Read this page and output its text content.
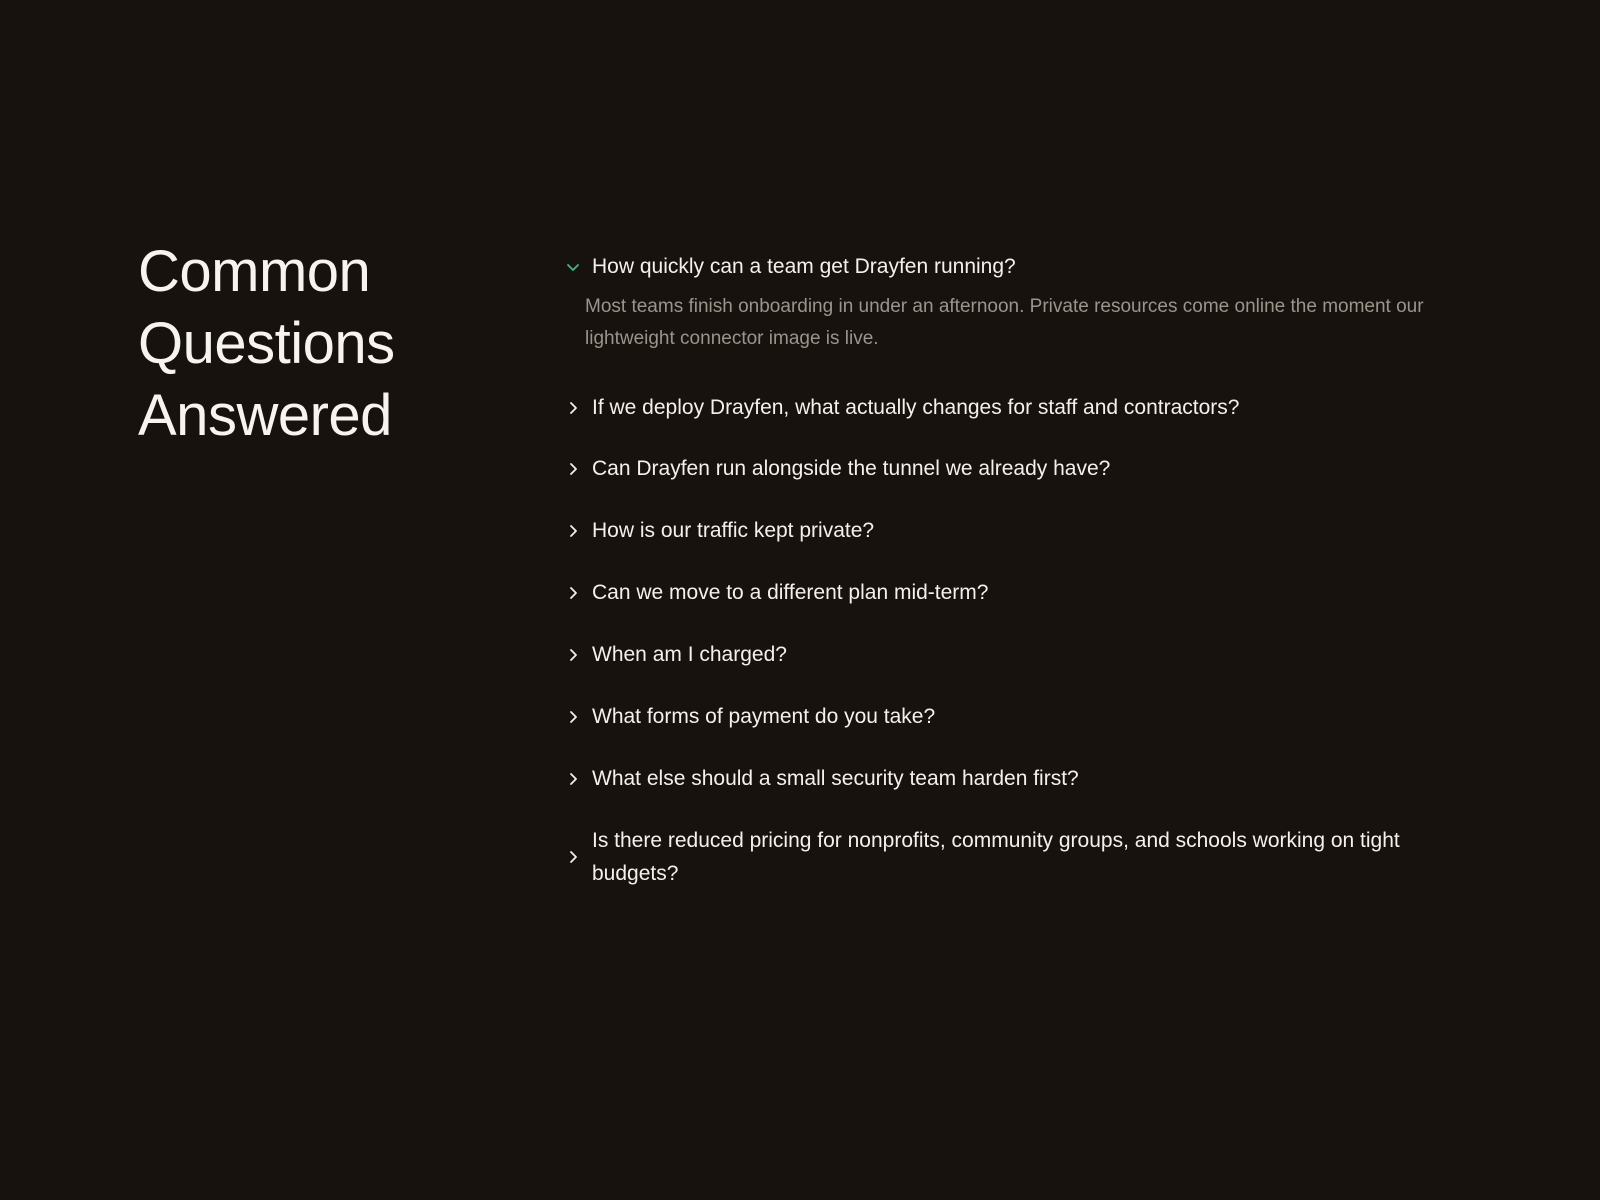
Common
Questions
Answered
How quickly can a team get Drayfen running?
Most teams finish onboarding in under an afternoon. Private resources come online the moment our lightweight connector image is live.
If we deploy Drayfen, what actually changes for staff and contractors?
Can Drayfen run alongside the tunnel we already have?
How is our traffic kept private?
Can we move to a different plan mid-term?
When am I charged?
What forms of payment do you take?
What else should a small security team harden first?
Is there reduced pricing for nonprofits, community groups, and schools working on tight budgets?
